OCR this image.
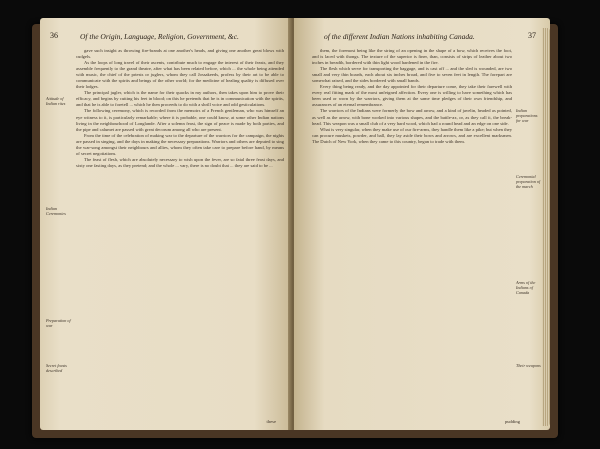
36	Of the Origin, Language, Religion, Government, &c.

gave such insight as throwing fire-brands at one another's heads, and giving one another great blows with cudgels.

As the loops of long travel of their ascents, contribute much to engage the interest of their feasts, and they assemble frequently to the grand theatre, after what has been related before, which ... the whole being attended with music, the chief of the priests or juglers, whom they call Jossakeeds, profess by their art to be able to communicate with the spirits and beings of the other world; for the medicine of healing quality is diffused over their lodges.

The principal jugler, which is the name for their quacks in my authors, then takes upon him to prove their efficacy, and begins by cutting his feet in blood; on this he pretends that he is in communication with the spirits, and that he is able to foretell ... which he then proceeds to do with a shrill voice and odd gesticulations.

The following ceremony, which is recorded from the memoirs of a French gentleman, who was himself an eye witness to it, is particularly remarkable; where it is probable, one could know, at some other Indian nations living in the neighbourhood of Longlande. After a solemn feast, the sign of peace is made by both parties, and the pipe and calumet are passed with great decorum among all who are present.

From the time of the celebration of making war to the departure of the warriors for the campaign, the nights are passed in singing, and the days in making the necessary preparations. Warriors and others are deputed to sing the war-song amongst their neighbours and allies, whom they often take care to prepare before hand, by means of secret negotiations.

The feast of flesh, which are absolutely necessary to wish upon the fever, are so fatal three feast days, and sixty one fasting days, as they pretend; and the whole ... vary, there is no doubt that ... they are said to be ...

Attitude of Indian rites
Indian Ceremonies
Preparation of war
Secret feasts described
these
of the different Indian Nations inhabiting Canada.	37

them, the foremost being like the siring of an opening in the shape of a bow, which receives the foot, and is laced with thongs. The texture of the superior is finer, than, consists of strips of leather about two inches in breadth, bordered with thin light wood hardened in the fire.

The flesh which serve for transporting the baggage, and is cast off ... and the sled is wounded, are two small and very thin boards, each about six inches broad, and five to seven feet in length. The forepart are somewhat raised, and the sides bordered with small bands.

Every thing being ready, and the day appointed for their departure come, they take their farewell with every real fitting mark of the most unfeigned affection. Every one is willing to have something which has been used or worn by the warriors, giving them at the same time pledges of their own friendship, and assurances of an eternal remembrance.

The warriors of the Indians were formerly the bow and arrow, and a kind of javelin, headed as pointed, as well as the arrow, with bone worked into various shapes, and the battle-ax, or, as they call it, the break-head. This weapon was a small club of a very hard wood, which had a round head and an edge on one side.

What is very singular, when they make use of our fire-arms, they handle them like a pike; but when they can procure muskets, powder, and ball, they lay aside their bows and arrows, and are excellent marksmen. The Dutch of New York, when they came to this country, began to trade with them.

Indian preparations for war
Ceremonial preparation of the march
Arms of the Indians of Canada
Their weapons
pudding
